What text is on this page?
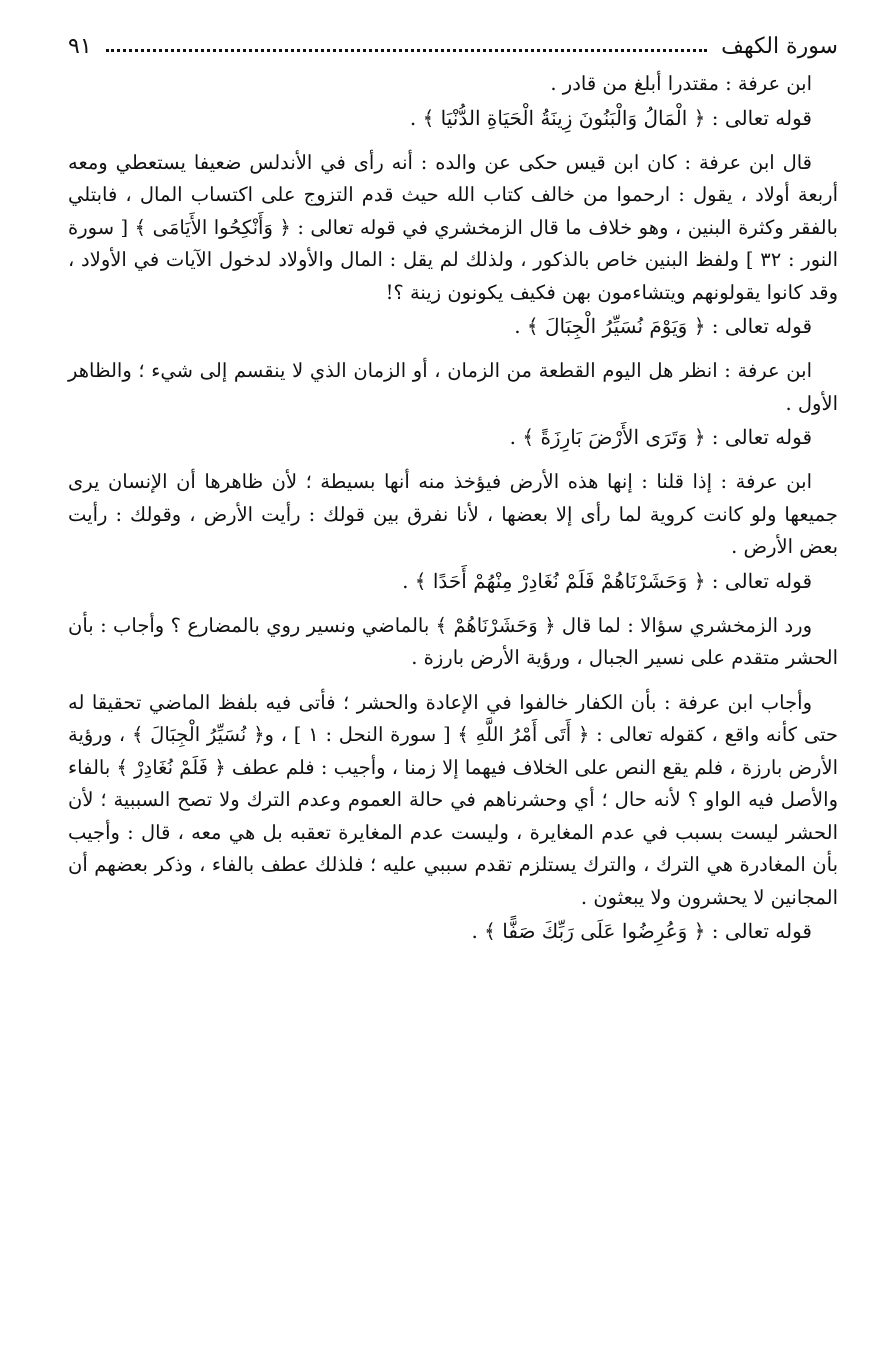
سورة الكهف
٩١

ابن عرفة : مقتدرا أبلغ من قادر .

قوله تعالى : ﴿ الْمَالُ وَالْبَنُونَ زِينَةُ الْحَيَاةِ الدُّنْيَا ﴾ .

قال ابن عرفة : كان ابن قيس حكى عن والده : أنه رأى في الأندلس ضعيفا يستعطي ومعه أربعة أولاد ، يقول : ارحموا من خالف كتاب الله حيث قدم التزوج على اكتساب المال ، فابتلي بالفقر وكثرة البنين ، وهو خلاف ما قال الزمخشري في قوله تعالى : ﴿ وَأَنْكِحُوا الأَيَامَى ﴾ [ سورة النور : ٣٢ ] ولفظ البنين خاص بالذكور ، ولذلك لم يقل : المال والأولاد لدخول الآيات في الأولاد ، وقد كانوا يقولونهم ويتشاءمون بهن فكيف يكونون زينة ؟!

قوله تعالى : ﴿ وَيَوْمَ نُسَيِّرُ الْجِبَالَ ﴾ .

ابن عرفة : انظر هل اليوم القطعة من الزمان ، أو الزمان الذي لا ينقسم إلى شيء ؛ والظاهر الأول .

قوله تعالى : ﴿ وَتَرَى الأَرْضَ بَارِزَةً ﴾ .

ابن عرفة : إذا قلنا : إنها هذه الأرض فيؤخذ منه أنها بسيطة ؛ لأن ظاهرها أن الإنسان يرى جميعها ولو كانت كروية لما رأى إلا بعضها ، لأنا نفرق بين قولك : رأيت الأرض ، وقولك : رأيت بعض الأرض .

قوله تعالى : ﴿ وَحَشَرْنَاهُمْ فَلَمْ نُغَادِرْ مِنْهُمْ أَحَدًا ﴾ .

ورد الزمخشري سؤالا : لما قال ﴿ وَحَشَرْنَاهُمْ ﴾ بالماضي ونسير روي بالمضارع ؟ وأجاب : بأن الحشر متقدم على نسير الجبال ، ورؤية الأرض بارزة .

وأجاب ابن عرفة : بأن الكفار خالفوا في الإعادة والحشر ؛ فأتى فيه بلفظ الماضي تحقيقا له حتى كأنه واقع ، كقوله تعالى : ﴿ أَتَى أَمْرُ اللَّهِ ﴾ [ سورة النحل : ١ ] ، و﴿ نُسَيِّرُ الْجِبَالَ ﴾ ، ورؤية الأرض بارزة ، فلم يقع النص على الخلاف فيهما إلا زمنا ، وأجيب : فلم عطف ﴿ فَلَمْ نُغَادِرْ ﴾ بالفاء والأصل فيه الواو ؟ لأنه حال ؛ أي وحشرناهم في حالة العموم وعدم الترك ولا تصح السببية ؛ لأن الحشر ليست بسبب في عدم المغايرة ، وليست عدم المغايرة تعقبه بل هي معه ، قال : وأجيب بأن المغادرة هي الترك ، والترك يستلزم تقدم سببي عليه ؛ فلذلك عطف بالفاء ، وذكر بعضهم أن المجانين لا يحشرون ولا يبعثون .

قوله تعالى : ﴿ وَعُرِضُوا عَلَى رَبِّكَ صَفًّا ﴾ .
